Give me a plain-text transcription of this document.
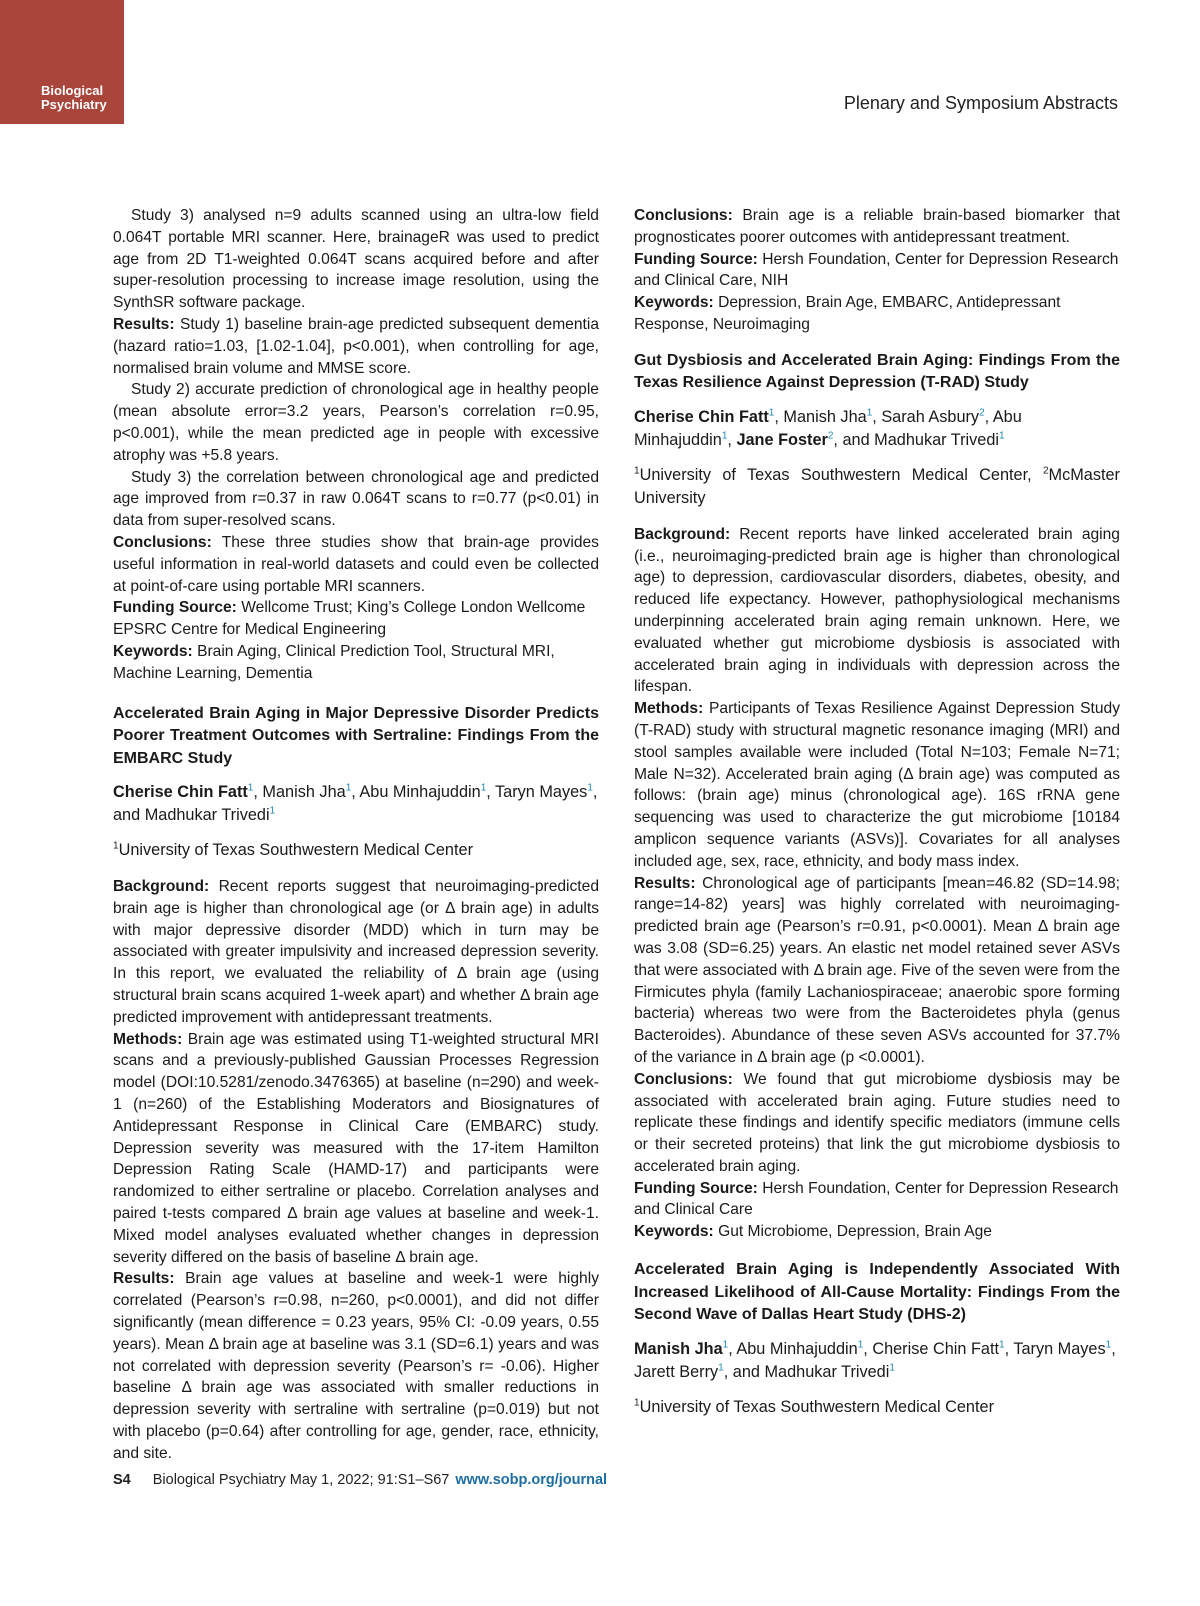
Biological
Psychiatry	Plenary and Symposium Abstracts

Study 3) analysed n=9 adults scanned using an ultra-low field 0.064T portable MRI scanner. Here, brainageR was used to predict age from 2D T1-weighted 0.064T scans acquired before and after super-resolution processing to increase image resolution, using the SynthSR software package.

Results: Study 1) baseline brain-age predicted subsequent dementia (hazard ratio=1.03, [1.02-1.04], p<0.001), when controlling for age, normalised brain volume and MMSE score.

Study 2) accurate prediction of chronological age in healthy people (mean absolute error=3.2 years, Pearson’s correlation r=0.95, p<0.001), while the mean predicted age in people with excessive atrophy was +5.8 years.

Study 3) the correlation between chronological age and predicted age improved from r=0.37 in raw 0.064T scans to r=0.77 (p<0.01) in data from super-resolved scans.

Conclusions: These three studies show that brain-age provides useful information in real-world datasets and could even be collected at point-of-care using portable MRI scanners.

Funding Source: Wellcome Trust; King’s College London Wellcome EPSRC Centre for Medical Engineering

Keywords: Brain Aging, Clinical Prediction Tool, Structural MRI, Machine Learning, Dementia

Accelerated Brain Aging in Major Depressive Disorder Predicts Poorer Treatment Outcomes with Sertraline: Findings From the EMBARC Study

Cherise Chin Fatt$^1$, Manish Jha$^1$, Abu Minhajuddin$^1$, Taryn Mayes$^1$, and Madhukar Trivedi$^1$

$^1$University of Texas Southwestern Medical Center

Background: Recent reports suggest that neuroimaging-predicted brain age is higher than chronological age (or Δ brain age) in adults with major depressive disorder (MDD) which in turn may be associated with greater impulsivity and increased depression severity. In this report, we evaluated the reliability of Δ brain age (using structural brain scans acquired 1-week apart) and whether Δ brain age predicted improvement with antidepressant treatments.

Methods: Brain age was estimated using T1-weighted structural MRI scans and a previously-published Gaussian Processes Regression model (DOI:10.5281/zenodo.3476365) at baseline (n=290) and week-1 (n=260) of the Establishing Moderators and Biosignatures of Antidepressant Response in Clinical Care (EMBARC) study. Depression severity was measured with the 17-item Hamilton Depression Rating Scale (HAMD-17) and participants were randomized to either sertraline or placebo. Correlation analyses and paired t-tests compared Δ brain age values at baseline and week-1. Mixed model analyses evaluated whether changes in depression severity differed on the basis of baseline Δ brain age.

Results: Brain age values at baseline and week-1 were highly correlated (Pearson’s r=0.98, n=260, p<0.0001), and did not differ significantly (mean difference = 0.23 years, 95% CI: -0.09 years, 0.55 years). Mean Δ brain age at baseline was 3.1 (SD=6.1) years and was not correlated with depression severity (Pearson’s r= -0.06). Higher baseline Δ brain age was associated with smaller reductions in depression severity with sertraline with sertraline (p=0.019) but not with placebo (p=0.64) after controlling for age, gender, race, ethnicity, and site.

Conclusions: Brain age is a reliable brain-based biomarker that prognosticates poorer outcomes with antidepressant treatment.

Funding Source: Hersh Foundation, Center for Depression Research and Clinical Care, NIH

Keywords: Depression, Brain Age, EMBARC, Antidepressant Response, Neuroimaging

Gut Dysbiosis and Accelerated Brain Aging: Findings From the Texas Resilience Against Depression (T-RAD) Study

Cherise Chin Fatt$^1$, Manish Jha$^1$, Sarah Asbury$^2$, Abu Minhajuddin$^1$, Jane Foster$^2$, and Madhukar Trivedi$^1$

$^1$University of Texas Southwestern Medical Center, $^2$McMaster University

Background: Recent reports have linked accelerated brain aging (i.e., neuroimaging-predicted brain age is higher than chronological age) to depression, cardiovascular disorders, diabetes, obesity, and reduced life expectancy. However, pathophysiological mechanisms underpinning accelerated brain aging remain unknown. Here, we evaluated whether gut microbiome dysbiosis is associated with accelerated brain aging in individuals with depression across the lifespan.

Methods: Participants of Texas Resilience Against Depression Study (T-RAD) study with structural magnetic resonance imaging (MRI) and stool samples available were included (Total N=103; Female N=71; Male N=32). Accelerated brain aging (Δ brain age) was computed as follows: (brain age) minus (chronological age). 16S rRNA gene sequencing was used to characterize the gut microbiome [10184 amplicon sequence variants (ASVs)]. Covariates for all analyses included age, sex, race, ethnicity, and body mass index.

Results: Chronological age of participants [mean=46.82 (SD=14.98; range=14-82) years] was highly correlated with neuroimaging-predicted brain age (Pearson’s r=0.91, p<0.0001). Mean Δ brain age was 3.08 (SD=6.25) years. An elastic net model retained sever ASVs that were associated with Δ brain age. Five of the seven were from the Firmicutes phyla (family Lachaniospiraceae; anaerobic spore forming bacteria) whereas two were from the Bacteroidetes phyla (genus Bacteroides). Abundance of these seven ASVs accounted for 37.7% of the variance in Δ brain age (p <0.0001).

Conclusions: We found that gut microbiome dysbiosis may be associated with accelerated brain aging. Future studies need to replicate these findings and identify specific mediators (immune cells or their secreted proteins) that link the gut microbiome dysbiosis to accelerated brain aging.

Funding Source: Hersh Foundation, Center for Depression Research and Clinical Care

Keywords: Gut Microbiome, Depression, Brain Age

Accelerated Brain Aging is Independently Associated With Increased Likelihood of All-Cause Mortality: Findings From the Second Wave of Dallas Heart Study (DHS-2)

Manish Jha$^1$, Abu Minhajuddin$^1$, Cherise Chin Fatt$^1$, Taryn Mayes$^1$, Jarett Berry$^1$, and Madhukar Trivedi$^1$

$^1$University of Texas Southwestern Medical Center

S4 Biological Psychiatry May 1, 2022; 91:S1–S67 www.sobp.org/journal
